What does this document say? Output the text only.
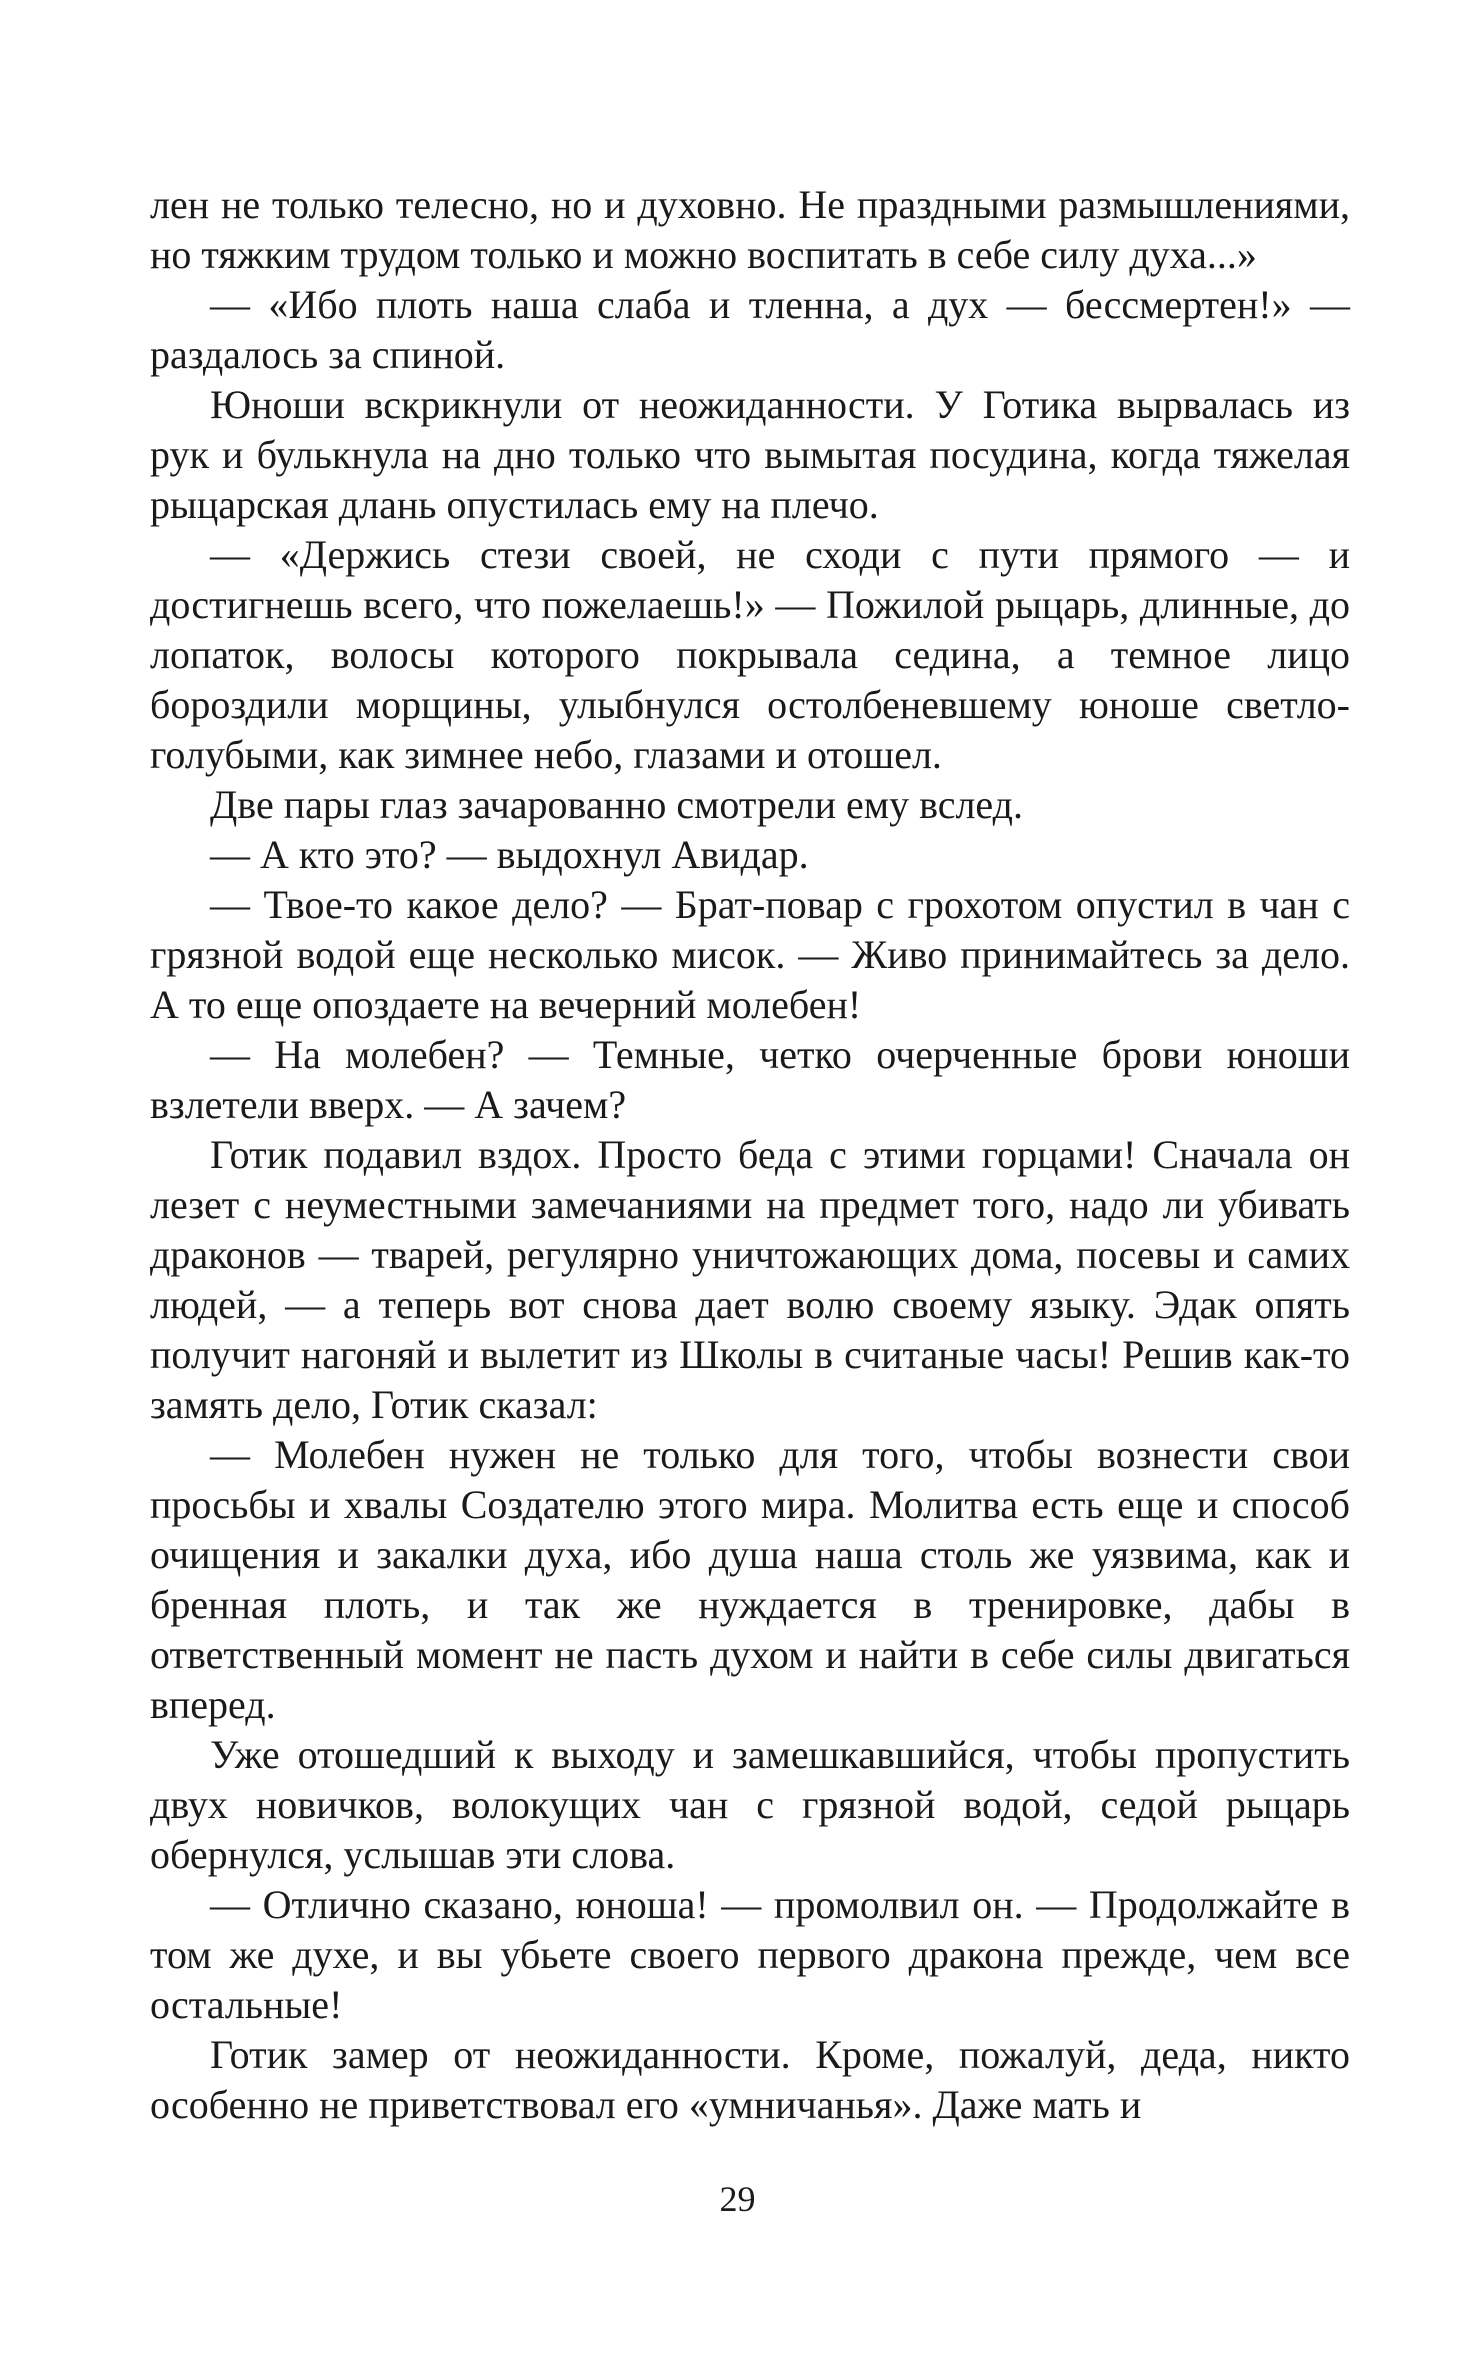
лен не только телесно, но и духовно. Не праздными размышлениями, но тяжким трудом только и можно воспитать в себе силу духа...»

— «Ибо плоть наша слаба и тленна, а дух — бессмертен!» — раздалось за спиной.

Юноши вскрикнули от неожиданности. У Готика вырвалась из рук и булькнула на дно только что вымытая посудина, когда тяжелая рыцарская длань опустилась ему на плечо.

— «Держись стези своей, не сходи с пути прямого — и достигнешь всего, что пожелаешь!» — Пожилой рыцарь, длинные, до лопаток, волосы которого покрывала седина, а темное лицо бороздили морщины, улыбнулся остолбеневшему юноше светло-голубыми, как зимнее небо, глазами и отошел.

Две пары глаз зачарованно смотрели ему вслед.

— А кто это? — выдохнул Авидар.

— Твое-то какое дело? — Брат-повар с грохотом опустил в чан с грязной водой еще несколько мисок. — Живо принимайтесь за дело. А то еще опоздаете на вечерний молебен!

— На молебен? — Темные, четко очерченные брови юноши взлетели вверх. — А зачем?

Готик подавил вздох. Просто беда с этими горцами! Сначала он лезет с неуместными замечаниями на предмет того, надо ли убивать драконов — тварей, регулярно уничтожающих дома, посевы и самих людей, — а теперь вот снова дает волю своему языку. Эдак опять получит нагоняй и вылетит из Школы в считаные часы! Решив как-то замять дело, Готик сказал:

— Молебен нужен не только для того, чтобы вознести свои просьбы и хвалы Создателю этого мира. Молитва есть еще и способ очищения и закалки духа, ибо душа наша столь же уязвима, как и бренная плоть, и так же нуждается в тренировке, дабы в ответственный момент не пасть духом и найти в себе силы двигаться вперед.

Уже отошедший к выходу и замешкавшийся, чтобы пропустить двух новичков, волокущих чан с грязной водой, седой рыцарь обернулся, услышав эти слова.

— Отлично сказано, юноша! — промолвил он. — Продолжайте в том же духе, и вы убьете своего первого дракона прежде, чем все остальные!

Готик замер от неожиданности. Кроме, пожалуй, деда, никто особенно не приветствовал его «умничанья». Даже мать и

29
